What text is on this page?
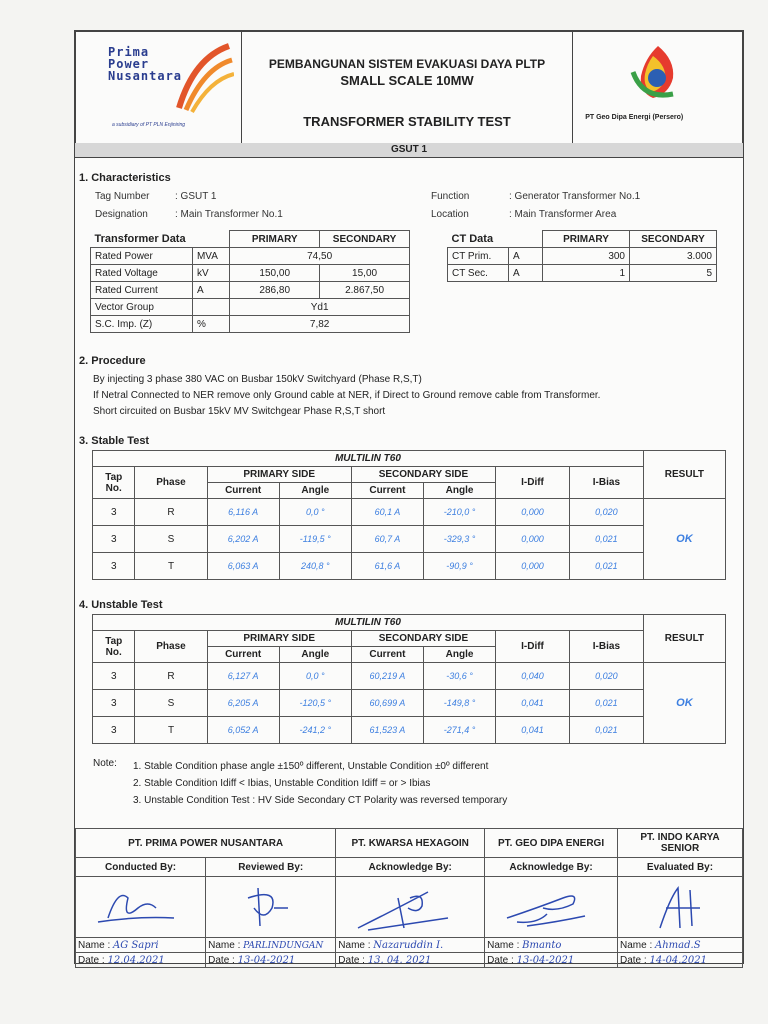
Prima
Power
Nusantara
a subsidiary of PT PLN Enjiniring

PEMBANGUNAN SISTEM EVAKUASI DAYA PLTP
SMALL SCALE 10MW
TRANSFORMER STABILITY TEST	PT Geo Dipa Energi (Persero)
GSUT 1
1. Characteristics
Tag Number	: GSUT 1
Designation	: Main Transformer No.1
Function	: Generator Transformer No.1
Location	: Main Transformer Area
Transformer Data		PRIMARY	SECONDARY
Rated Power	MVA	74,50	
Rated Voltage	kV	150,00	15,00
Rated Current	A	286,80	2.867,50
Vector Group		Yd1	
S.C. Imp. (Z)	%	7,82	
CT Data		PRIMARY	SECONDARY
CT Prim.	A	300	3.000
CT Sec.	A	1	5
2. Procedure
By injecting 3 phase 380 VAC on Busbar 150kV Switchyard (Phase R,S,T)
If Netral Connected to NER remove only Ground cable at NER, if Direct to Ground remove cable from Transformer.
Short circuited on Busbar 15kV MV Switchgear Phase R,S,T short
3. Stable Test
MULTILIN T60								RESULT

Tap
No.	Phase	PRIMARY SIDE		SECONDARY SIDE		I-Diff	I-Bias	
		Current	Angle	Current	Angle			
3	R	6,116 A	0,0 °	60,1 A	-210,0 °	0,000	0,020	OK
3	S	6,202 A	-119,5 °	60,7 A	-329,3 °	0,000	0,021	
3	T	6,063 A	240,8 °	61,6 A	-90,9 °	0,000	0,021	
4. Unstable Test
MULTILIN T60								RESULT

Tap
No.	Phase	PRIMARY SIDE		SECONDARY SIDE		I-Diff	I-Bias	
		Current	Angle	Current	Angle			
3	R	6,127 A	0,0 °	60,219 A	-30,6 °	0,040	0,020	OK
3	S	6,205 A	-120,5 °	60,699 A	-149,8 °	0,041	0,021	
3	T	6,052 A	-241,2 °	61,523 A	-271,4 °	0,041	0,021	
Note: 1. Stable Condition phase angle ±150º different, Unstable Condition ±0º different
2. Stable Condition Idiff < Ibias, Unstable Condition Idiff = or > Ibias
3. Unstable Condition Test : HV Side Secondary CT Polarity was reversed temporary
PT. PRIMA POWER NUSANTARA		PT. KWARSA HEXAGOIN	PT. GEO DIPA ENERGI	PT. INDO KARYA SENIOR
Conducted By:	Reviewed By:	Acknowledge By:	Acknowledge By:	Evaluated By:

Name : AG Sapri	Name : PARLINDUNGAN	Name : Nazaruddin I.	Name : Bmanto	Name : Ahmad.S
Date : 12.04.2021	Date : 13-04-2021	Date : 13. 04. 2021	Date : 13-04-2021	Date : 14-04.2021
